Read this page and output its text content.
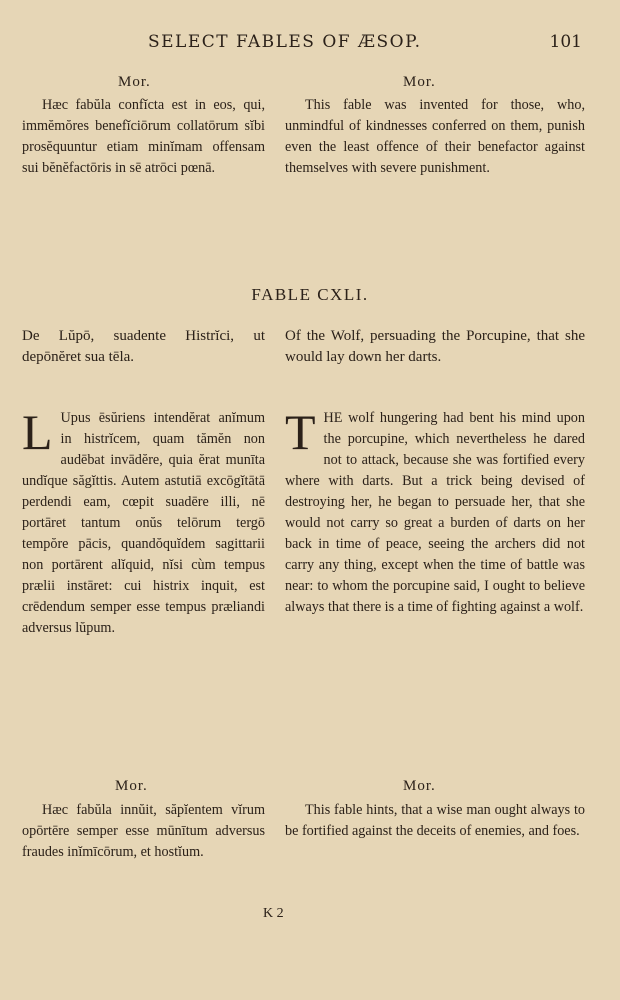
SELECT FABLES OF ÆSOP.	101
Mor.	Mor.

Hæc fabŭla confĭcta est in eos, qui, immĕmŏres benefĭciōrum collatōrum sĭbi prosĕquuntur etiam minĭmam offensam sui bĕnĕfactōris in sē atrōci pœnā.

This fable was invented for those, who, unmindful of kindnesses conferred on them, punish even the least offence of their benefactor against themselves with severe punishment.

FABLE CXLI.

De Lŭpō, suadente Histrĭci, ut depōnĕret sua tēla.

Of the Wolf, persuading the Porcupine, that she would lay down her darts.

L Upus ēsŭriens intendĕrat anĭmum in histrĭcem, quam tămĕn non audēbat invādĕre, quia ĕrat munīta undĭque săgĭttis. Autem astutiā excōgĭtātā perdendi eam, cœpit suadēre illi, nē portāret tantum onŭs telōrum tergō tempŏre pācis, quandŏquĭdem sagittarii non portārent alĭquid, nĭsi cùm tempus prælii instāret: cui histrix inquit, est crēdendum semper esse tempus præliandi adversus lŭpum.

T HE wolf hungering had bent his mind upon the porcupine, which nevertheless he dared not to attack, because she was fortified every where with darts. But a trick being devised of destroying her, he began to persuade her, that she would not carry so great a burden of darts on her back in time of peace, seeing the archers did not carry any thing, except when the time of battle was near: to whom the porcupine said, I ought to believe always that there is a time of fighting against a wolf.

Mor.	Mor.

Hæc fabŭla innŭit, săpĭentem vĭrum opōrtēre semper esse mūnītum adversus fraudes inĭmīcōrum, et hostĭum.

This fable hints, that a wise man ought always to be fortified against the deceits of enemies, and foes.

K 2
